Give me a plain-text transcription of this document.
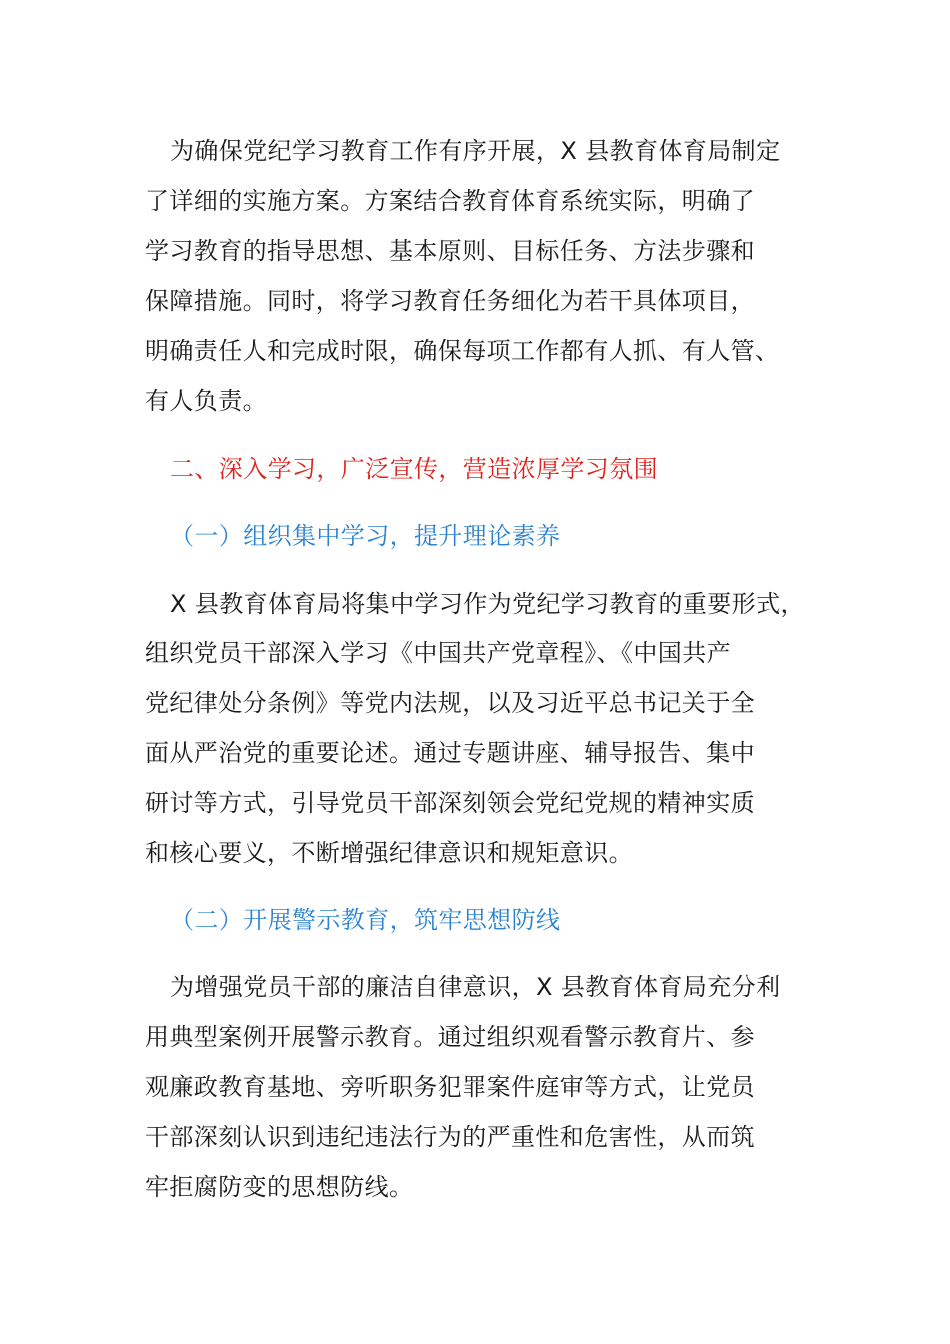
为确保党纪学习教育工作有序开展，X 县教育体育局制定
了详细的实施方案。方案结合教育体育系统实际，明确了
学习教育的指导思想、基本原则、目标任务、方法步骤和
保障措施。同时，将学习教育任务细化为若干具体项目，
明确责任人和完成时限，确保每项工作都有人抓、有人管、
有人负责。
二、深入学习，广泛宣传，营造浓厚学习氛围
（一）组织集中学习，提升理论素养
X 县教育体育局将集中学习作为党纪学习教育的重要形式，
组织党员干部深入学习《中国共产党章程》、《中国共产
党纪律处分条例》等党内法规，以及习近平总书记关于全
面从严治党的重要论述。通过专题讲座、辅导报告、集中
研讨等方式，引导党员干部深刻领会党纪党规的精神实质
和核心要义，不断增强纪律意识和规矩意识。
（二）开展警示教育，筑牢思想防线
为增强党员干部的廉洁自律意识，X 县教育体育局充分利
用典型案例开展警示教育。通过组织观看警示教育片、参
观廉政教育基地、旁听职务犯罪案件庭审等方式，让党员
干部深刻认识到违纪违法行为的严重性和危害性，从而筑
牢拒腐防变的思想防线。
